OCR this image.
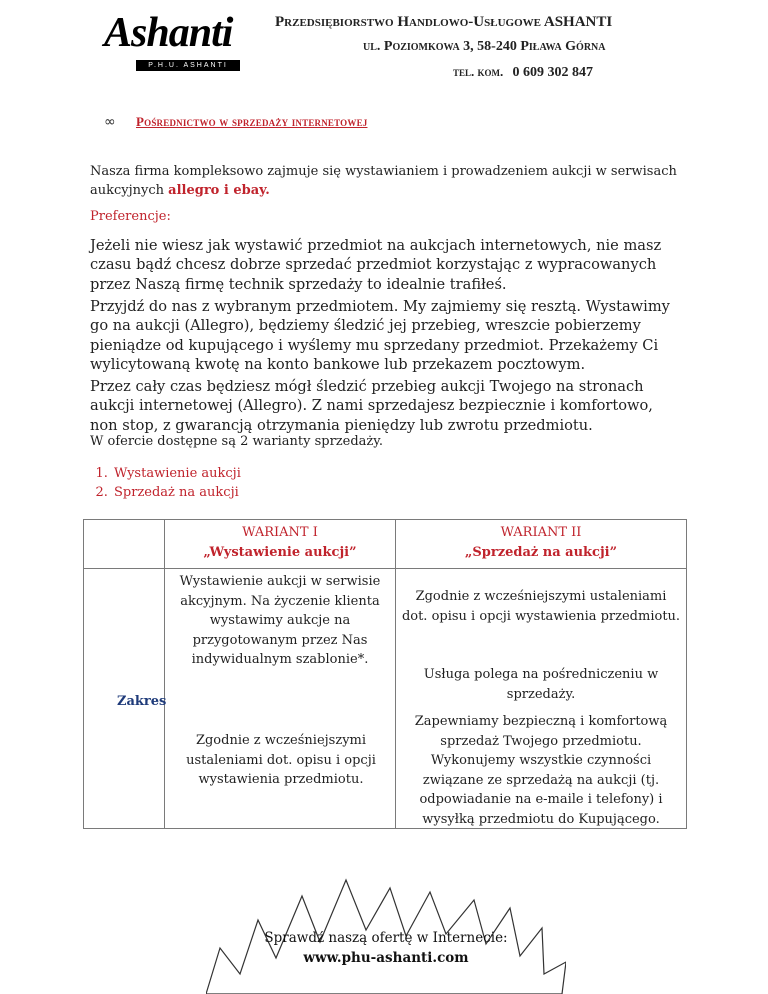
Ashanti
P.H.U. ASHANTI
Przedsiębiorstwo Handlowo-Usługowe ASHANTI
ul. Poziomkowa 3, 58-240 Piława Górna
tel. kom. 0 609 302 847
∞ Pośrednictwo w sprzedaży internetowej
Nasza firma kompleksowo zajmuje się wystawianiem i prowadzeniem aukcji w serwisach aukcyjnych allegro i ebay.
Preferencje:
Jeżeli nie wiesz jak wystawić przedmiot na aukcjach internetowych, nie masz czasu bądź chcesz dobrze sprzedać przedmiot korzystając z wypracowanych przez Naszą firmę technik sprzedaży to idealnie trafiłeś.
Przyjdź do nas z wybranym przedmiotem. My zajmiemy się resztą. Wystawimy go na aukcji (Allegro), będziemy śledzić jej przebieg, wreszcie pobierzemy pieniądze od kupującego i wyślemy mu sprzedany przedmiot. Przekażemy Ci wylicytowaną kwotę na konto bankowe lub przekazem pocztowym.
Przez cały czas będziesz mógł śledzić przebieg aukcji Twojego na stronach aukcji internetowej (Allegro). Z nami sprzedajesz bezpiecznie i komfortowo, non stop, z gwarancją otrzymania pieniędzy lub zwrotu przedmiotu.
W ofercie dostępne są 2 warianty sprzedaży.
1. Wystawienie aukcji
2. Sprzedaż na aukcji
WARIANT I
„Wystawienie aukcji”
WARIANT II
„Sprzedaż na aukcji”
Zakres
Wystawienie aukcji w serwisie akcyjnym. Na życzenie klienta wystawimy aukcje na przygotowanym przez Nas indywidualnym szablonie*.
Zgodnie z wcześniejszymi ustaleniami dot. opisu i opcji wystawienia przedmiotu.
Zgodnie z wcześniejszymi ustaleniami dot. opisu i opcji wystawienia przedmiotu.
Usługa polega na pośredniczeniu w sprzedaży.
Zapewniamy bezpieczną i komfortową sprzedaż Twojego przedmiotu. Wykonujemy wszystkie czynności związane ze sprzedażą na aukcji (tj. odpowiadanie na e-maile i telefony) i wysyłką przedmiotu do Kupującego.
Sprawdź naszą ofertę w Internecie:
www.phu-ashanti.com
